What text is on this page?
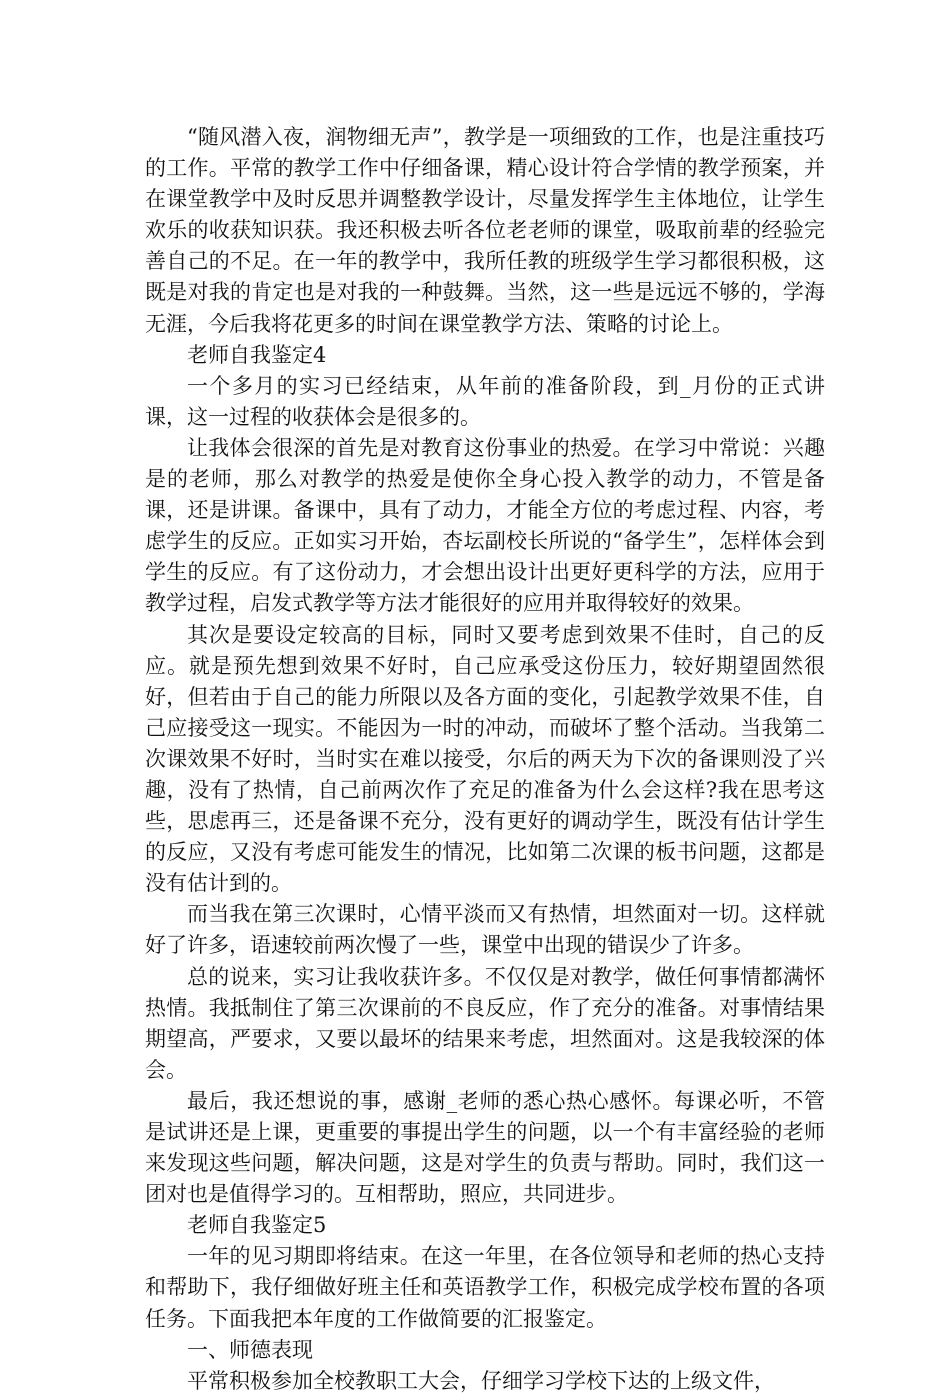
“随风潜入夜，润物细无声”，教学是一项细致的工作，也是注重技巧的工作。平常的教学工作中仔细备课，精心设计符合学情的教学预案，并在课堂教学中及时反思并调整教学设计，尽量发挥学生主体地位，让学生欢乐的收获知识获。我还积极去听各位老老师的课堂，吸取前辈的经验完善自己的不足。在一年的教学中，我所任教的班级学生学习都很积极，这既是对我的肯定也是对我的一种鼓舞。当然，这一些是远远不够的，学海无涯，今后我将花更多的时间在课堂教学方法、策略的讨论上。

老师自我鉴定4

一个多月的实习已经结束，从年前的准备阶段，到_月份的正式讲课，这一过程的收获体会是很多的。

让我体会很深的首先是对教育这份事业的热爱。在学习中常说：兴趣是的老师，那么对教学的热爱是使你全身心投入教学的动力，不管是备课，还是讲课。备课中，具有了动力，才能全方位的考虑过程、内容，考虑学生的反应。正如实习开始，杏坛副校长所说的“备学生”，怎样体会到学生的反应。有了这份动力，才会想出设计出更好更科学的方法，应用于教学过程，启发式教学等方法才能很好的应用并取得较好的效果。

其次是要设定较高的目标，同时又要考虑到效果不佳时，自己的反应。就是预先想到效果不好时，自己应承受这份压力，较好期望固然很好，但若由于自己的能力所限以及各方面的变化，引起教学效果不佳，自己应接受这一现实。不能因为一时的冲动，而破坏了整个活动。当我第二次课效果不好时，当时实在难以接受，尔后的两天为下次的备课则没了兴趣，没有了热情，自己前两次作了充足的准备为什么会这样?我在思考这些，思虑再三，还是备课不充分，没有更好的调动学生，既没有估计学生的反应，又没有考虑可能发生的情况，比如第二次课的板书问题，这都是没有估计到的。

而当我在第三次课时，心情平淡而又有热情，坦然面对一切。这样就好了许多，语速较前两次慢了一些，课堂中出现的错误少了许多。

总的说来，实习让我收获许多。不仅仅是对教学，做任何事情都满怀热情。我抵制住了第三次课前的不良反应，作了充分的准备。对事情结果期望高，严要求，又要以最坏的结果来考虑，坦然面对。这是我较深的体会。

最后，我还想说的事，感谢_老师的悉心热心感怀。每课必听，不管是试讲还是上课，更重要的事提出学生的问题，以一个有丰富经验的老师来发现这些问题，解决问题，这是对学生的负责与帮助。同时，我们这一团对也是值得学习的。互相帮助，照应，共同进步。

老师自我鉴定5

一年的见习期即将结束。在这一年里，在各位领导和老师的热心支持和帮助下，我仔细做好班主任和英语教学工作，积极完成学校布置的各项任务。下面我把本年度的工作做简要的汇报鉴定。

一、师德表现

平常积极参加全校教职工大会，仔细学习学校下达的上级文件，
